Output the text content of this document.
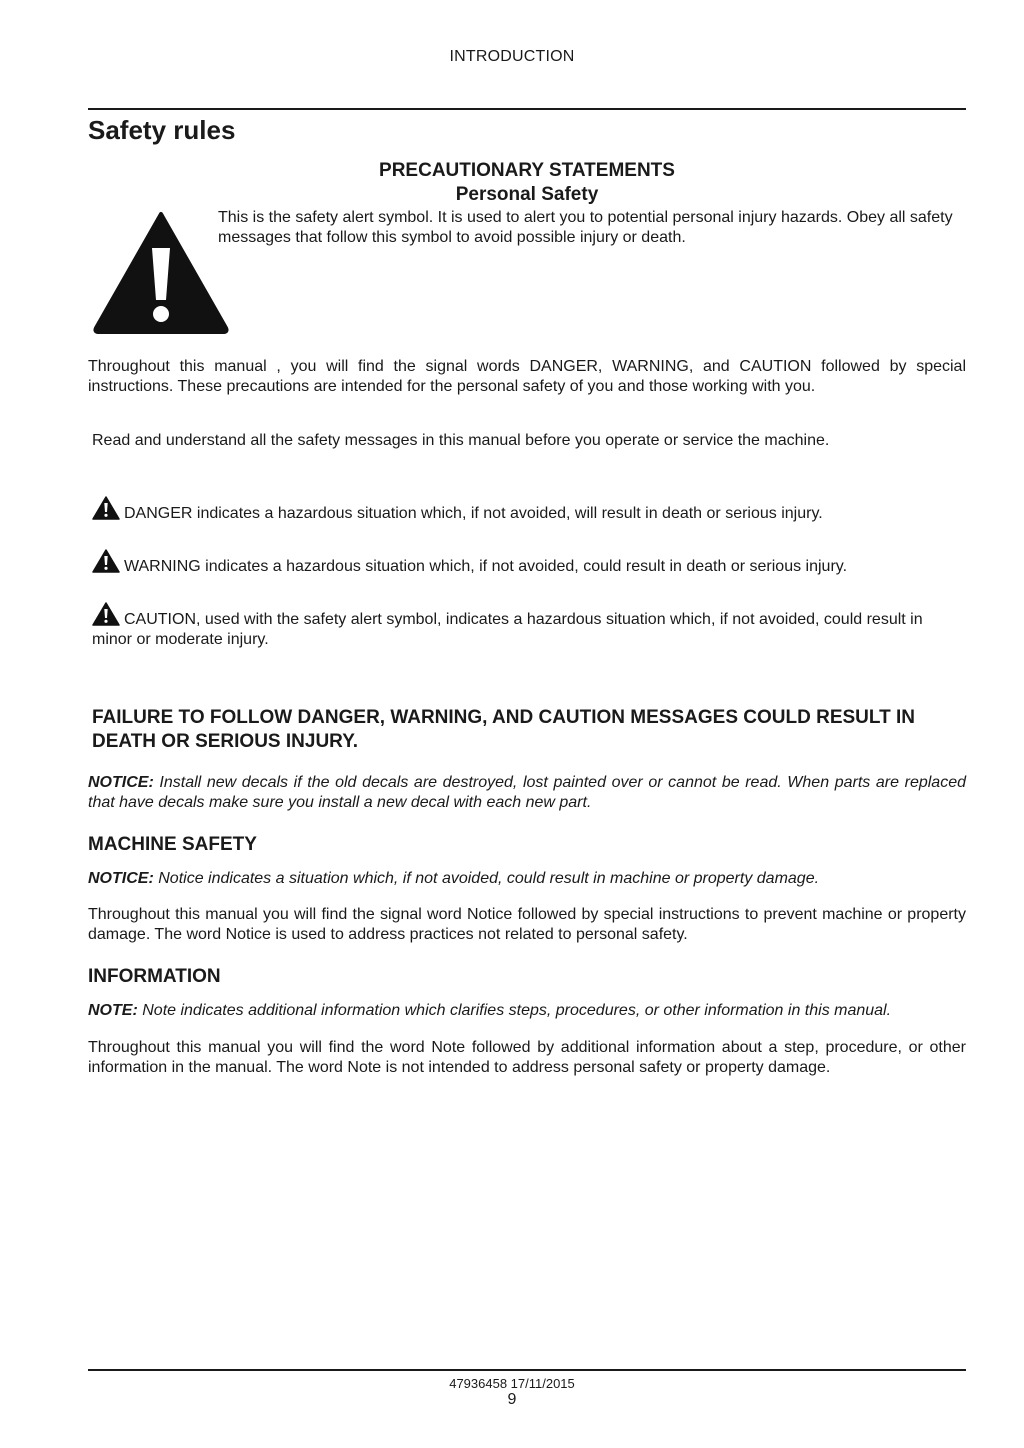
INTRODUCTION
Safety rules
PRECAUTIONARY STATEMENTS
Personal Safety
This is the safety alert symbol. It is used to alert you to potential personal injury hazards. Obey all safety messages that follow this symbol to avoid possible injury or death.

Throughout this manual , you will find the signal words DANGER, WARNING, and CAUTION followed by special instructions. These precautions are intended for the personal safety of you and those working with you.

Read and understand all the safety messages in this manual before you operate or service the machine.

DANGER indicates a hazardous situation which, if not avoided, will result in death or serious injury.
WARNING indicates a hazardous situation which, if not avoided, could result in death or serious injury.
CAUTION, used with the safety alert symbol, indicates a hazardous situation which, if not avoided, could result in minor or moderate injury.
FAILURE TO FOLLOW DANGER, WARNING, AND CAUTION MESSAGES COULD RESULT IN DEATH OR SERIOUS INJURY.

NOTICE: Install new decals if the old decals are destroyed, lost painted over or cannot be read. When parts are replaced that have decals make sure you install a new decal with each new part.

MACHINE SAFETY

NOTICE: Notice indicates a situation which, if not avoided, could result in machine or property damage.

Throughout this manual you will find the signal word Notice followed by special instructions to prevent machine or property damage. The word Notice is used to address practices not related to personal safety.

INFORMATION

NOTE: Note indicates additional information which clarifies steps, procedures, or other information in this manual.

Throughout this manual you will find the word Note followed by additional information about a step, procedure, or other information in the manual. The word Note is not intended to address personal safety or property damage.

47936458 17/11/2015
9
